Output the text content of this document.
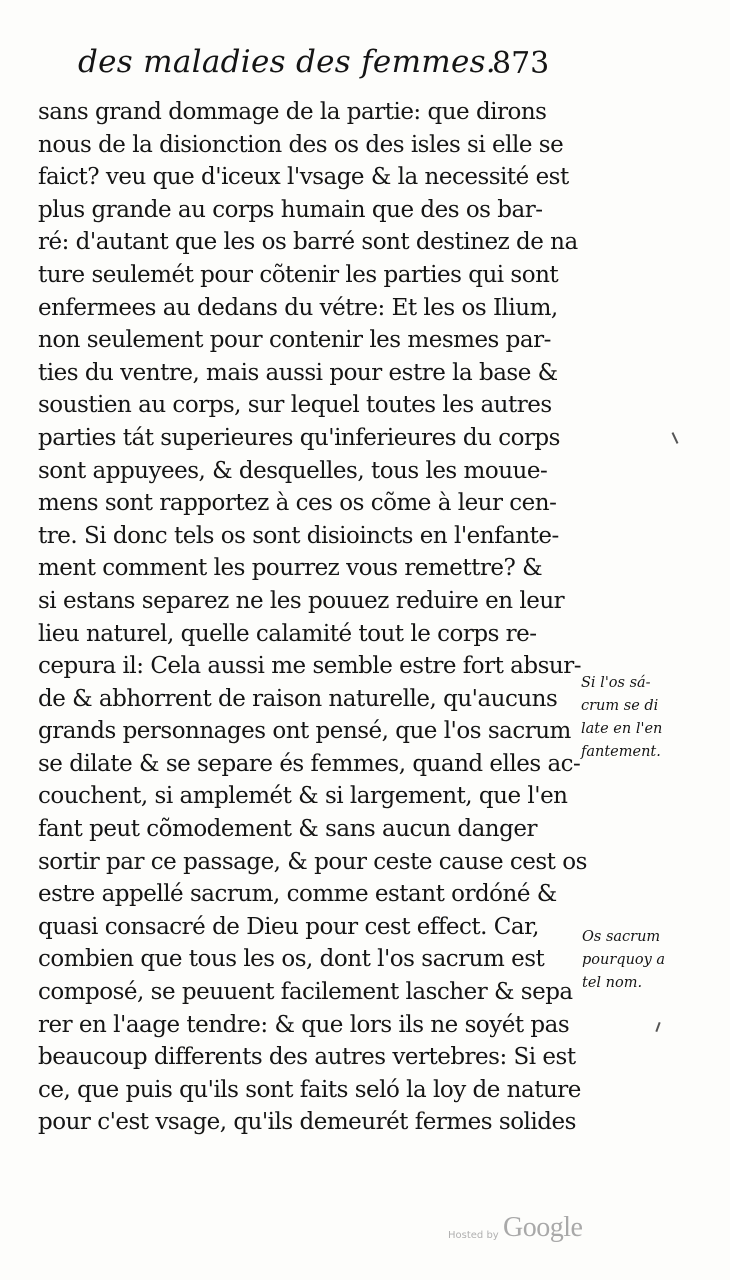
des maladies des femmes.
873
sans grand dommage de la partie: que dirons
nous de la disionction des os des isles si elle se
faict? veu que d'iceux l'vsage & la necessité est
plus grande au corps humain que des os bar-
ré: d'autant que les os barré sont destinez de na
ture seulemét pour cõtenir les parties qui sont
enfermees au dedans du vétre: Et les os Ilium,
non seulement pour contenir les mesmes par-
ties du ventre, mais aussi pour estre la base &
soustien au corps, sur lequel toutes les autres
parties tát superieures qu'inferieures du corps
sont appuyees, & desquelles, tous les mouue-
mens sont rapportez à ces os cõme à leur cen-
tre. Si donc tels os sont disioincts en l'enfante-
ment comment les pourrez vous remettre? &
si estans separez ne les pouuez reduire en leur
lieu naturel, quelle calamité tout le corps re-
cepura il: Cela aussi me semble estre fort absur-
de & abhorrent de raison naturelle, qu'aucuns
grands personnages ont pensé, que l'os sacrum
se dilate & se separe és femmes, quand elles ac-
couchent, si amplemét & si largement, que l'en
fant peut cõmodement & sans aucun danger
sortir par ce passage, & pour ceste cause cest os
estre appellé sacrum, comme estant ordóné &
quasi consacré de Dieu pour cest effect. Car,
combien que tous les os, dont l'os sacrum est
composé, se peuuent facilement lascher & sepa
rer en l'aage tendre: & que lors ils ne soyét pas
beaucoup differents des autres vertebres: Si est
ce, que puis qu'ils sont faits seló la loy de nature
pour c'est vsage, qu'ils demeurét fermes solides
Si l'os sá-
crum se di
late en l'en
fantement.
Os sacrum
pourquoy a
tel nom.
Hosted by Google
